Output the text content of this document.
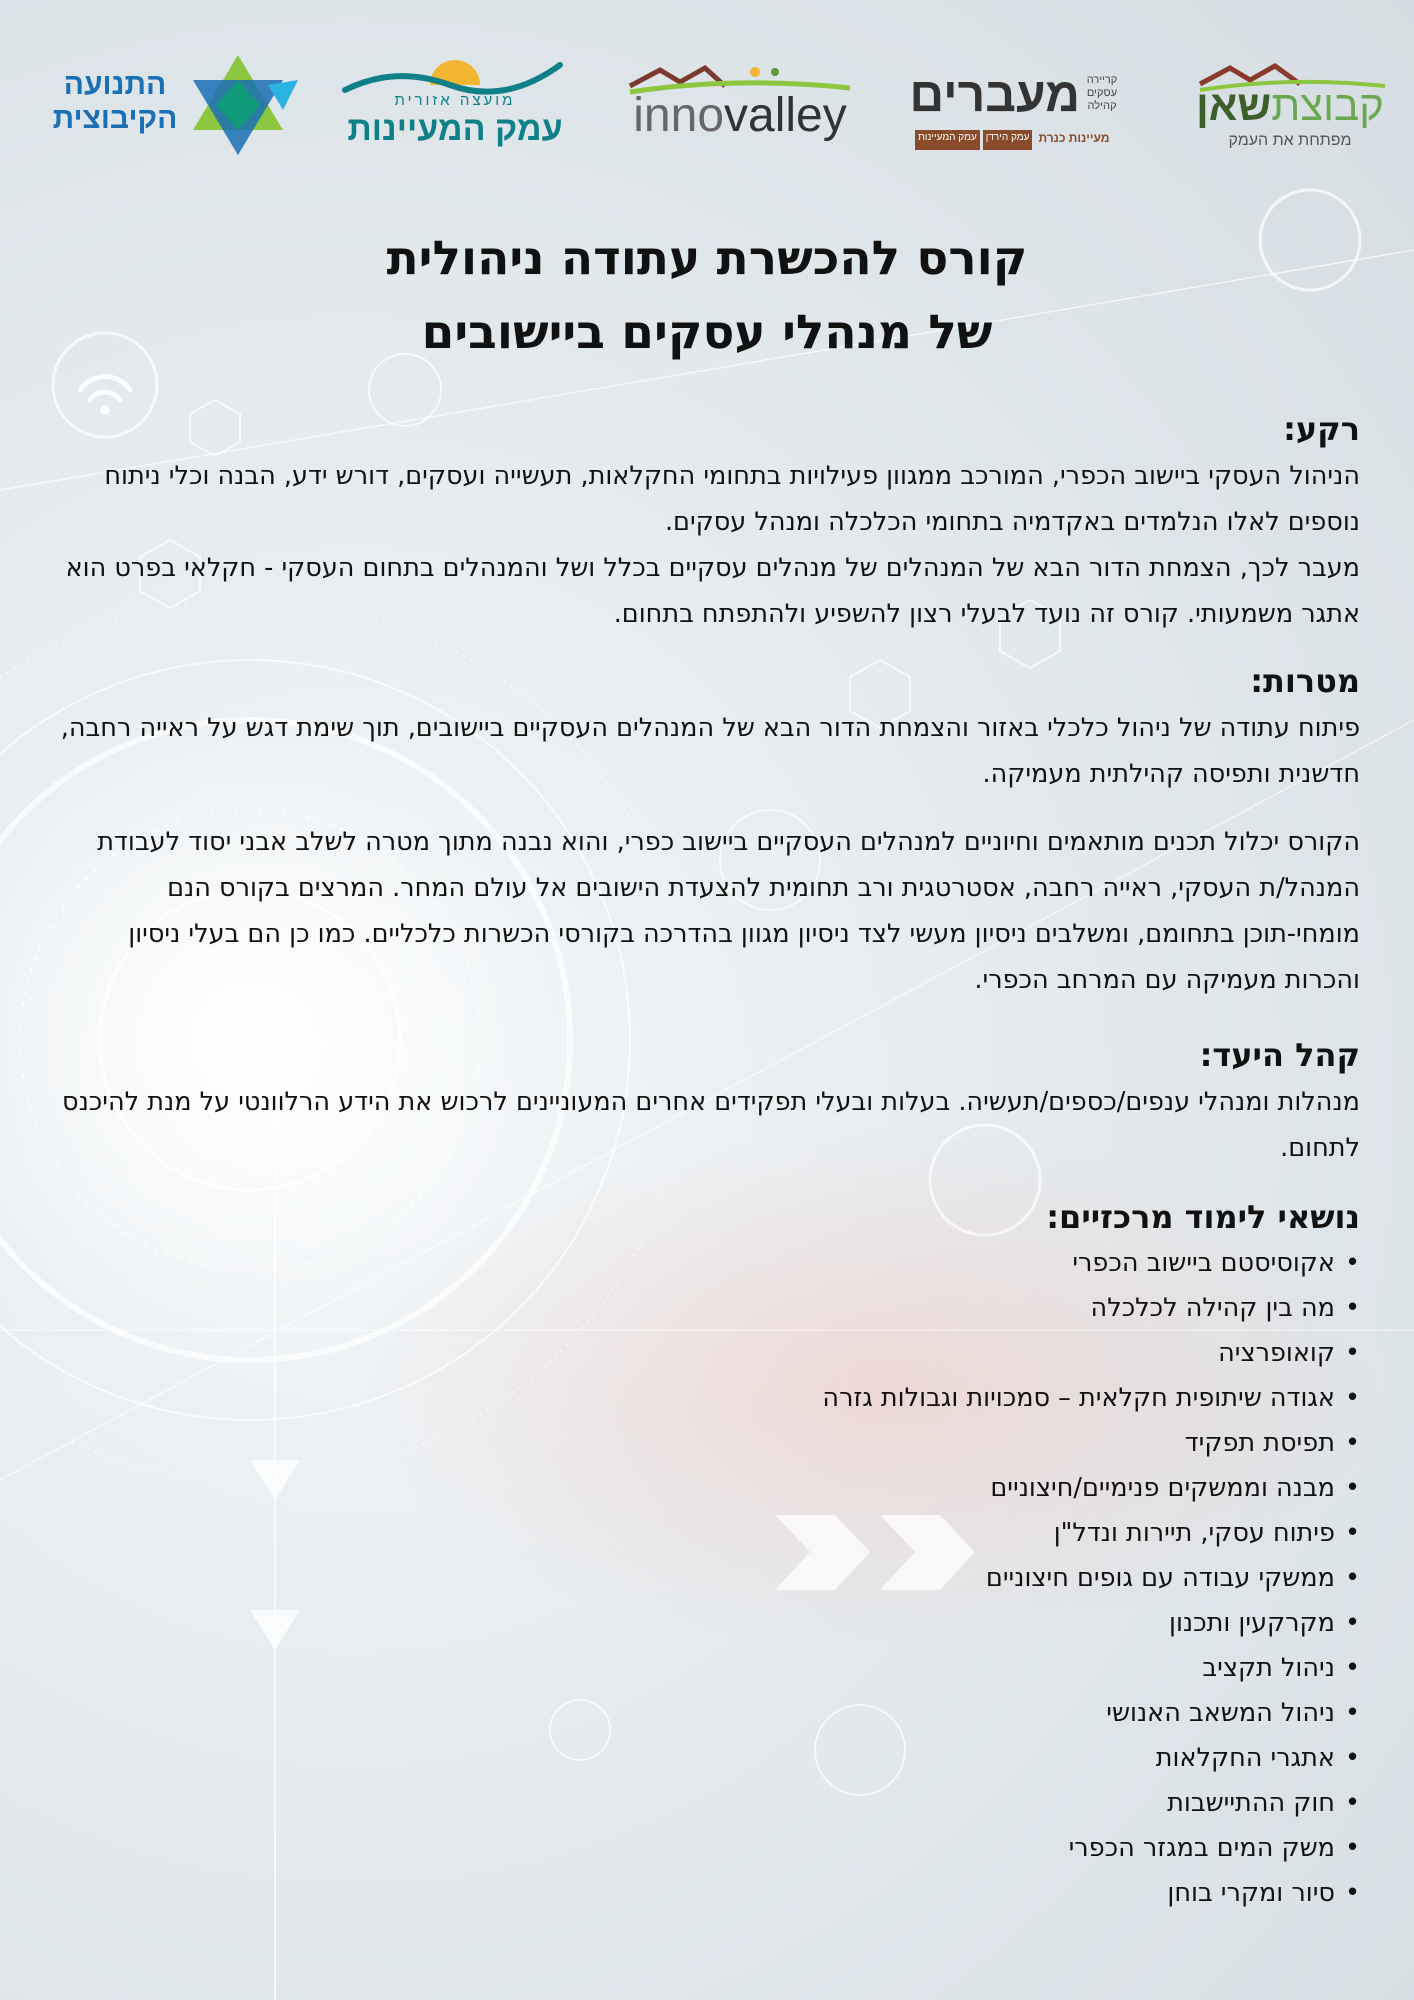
התנועה
הקיבוצית
מועצה אזורית
עמק המעיינות innovalley מעברים קריירה עסקים קהילה
עמק המעיינות עמק הירדן מעיינות כנרת
קבוצתשאן
מפתחת את העמק
קורס להכשרת עתודה ניהולית
של מנהלי עסקים ביישובים
רקע:

הניהול העסקי ביישוב הכפרי, המורכב ממגוון פעילויות בתחומי החקלאות, תעשייה ועסקים, דורש ידע, הבנה וכלי ניתוח נוספים לאלו הנלמדים באקדמיה בתחומי הכלכלה ומנהל עסקים.

מעבר לכך, הצמחת הדור הבא של המנהלים של מנהלים עסקיים בכלל ושל והמנהלים בתחום העסקי - חקלאי בפרט הוא אתגר משמעותי. קורס זה נועד לבעלי רצון להשפיע ולהתפתח בתחום.

מטרות:

פיתוח עתודה של ניהול כלכלי באזור והצמחת הדור הבא של המנהלים העסקיים ביישובים, תוך שימת דגש על ראייה רחבה, חדשנית ותפיסה קהילתית מעמיקה.

הקורס יכלול תכנים מותאמים וחיוניים למנהלים העסקיים ביישוב כפרי, והוא נבנה מתוך מטרה לשלב אבני יסוד לעבודת המנהל/ת העסקי, ראייה רחבה, אסטרטגית ורב תחומית להצעדת הישובים אל עולם המחר. המרצים בקורס הנם מומחי-תוכן בתחומם, ומשלבים ניסיון מעשי לצד ניסיון מגוון בהדרכה בקורסי הכשרות כלכליים. כמו כן הם בעלי ניסיון והכרות מעמיקה עם המרחב הכפרי.

קהל היעד:

מנהלות ומנהלי ענפים/כספים/תעשיה. בעלות ובעלי תפקידים אחרים המעוניינים לרכוש את הידע הרלוונטי על מנת להיכנס לתחום.

נושאי לימוד מרכזיים:
•אקוסיסטם ביישוב הכפרי
•מה בין קהילה לכלכלה
•קואופרציה
•אגודה שיתופית חקלאית – סמכויות וגבולות גזרה
•תפיסת תפקיד
•מבנה וממשקים פנימיים/חיצוניים
•פיתוח עסקי, תיירות ונדל"ן
•ממשקי עבודה עם גופים חיצוניים
•מקרקעין ותכנון
•ניהול תקציב
•ניהול המשאב האנושי
•אתגרי החקלאות
•חוק ההתיישבות
•משק המים במגזר הכפרי
•סיור ומקרי בוחן
